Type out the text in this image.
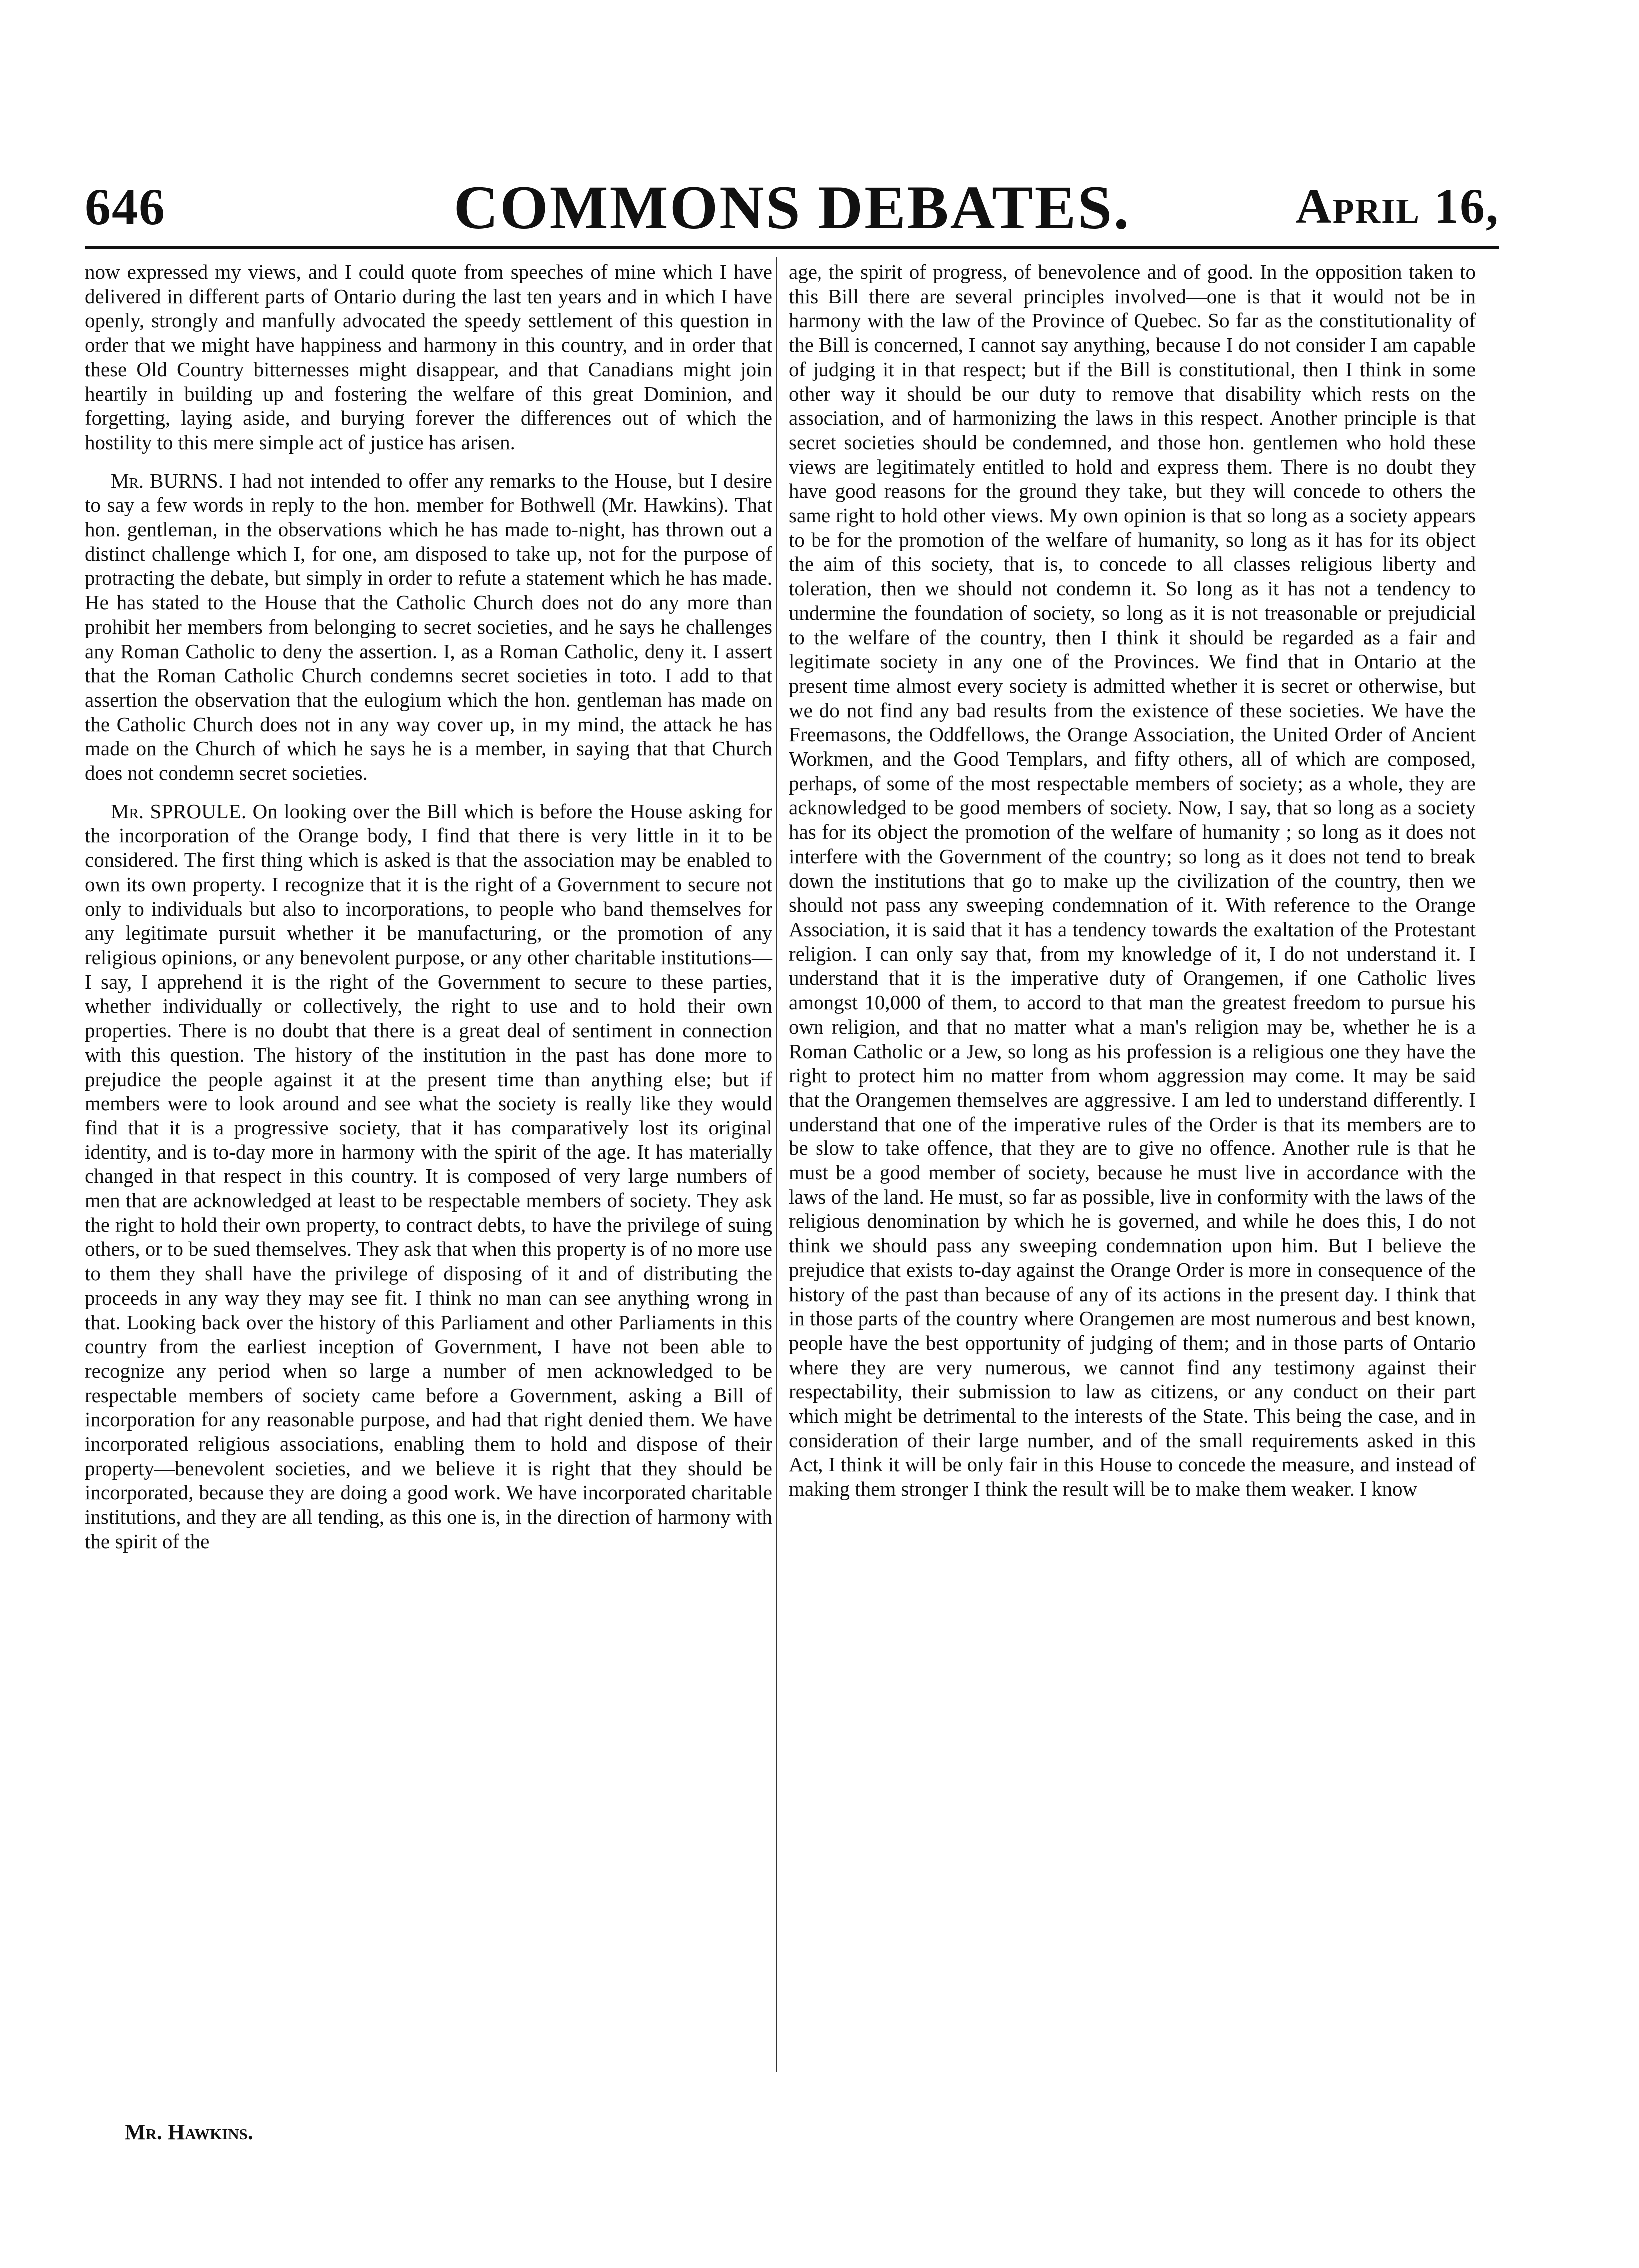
646	COMMONS DEBATES.	April 16,

now expressed my views, and I could quote from speeches of mine which I have delivered in different parts of Ontario during the last ten years and in which I have openly, strongly and manfully advocated the speedy settlement of this question in order that we might have happiness and harmony in this country, and in order that these Old Country bitternesses might disappear, and that Canadians might join heartily in building up and fostering the welfare of this great Dominion, and forgetting, laying aside, and burying forever the differences out of which the hostility to this mere simple act of justice has arisen.

Mr. BURNS. I had not intended to offer any remarks to the House, but I desire to say a few words in reply to the hon. member for Bothwell (Mr. Hawkins). That hon. gentleman, in the observations which he has made to-night, has thrown out a distinct challenge which I, for one, am disposed to take up, not for the purpose of protracting the debate, but simply in order to refute a statement which he has made. He has stated to the House that the Catholic Church does not do any more than prohibit her members from belonging to secret societies, and he says he challenges any Roman Catholic to deny the assertion. I, as a Roman Catholic, deny it. I assert that the Roman Catholic Church condemns secret societies in toto. I add to that assertion the observation that the eulogium which the hon. gentleman has made on the Catholic Church does not in any way cover up, in my mind, the attack he has made on the Church of which he says he is a member, in saying that that Church does not condemn secret societies.

Mr. SPROULE. On looking over the Bill which is before the House asking for the incorporation of the Orange body, I find that there is very little in it to be considered. The first thing which is asked is that the association may be enabled to own its own property. I recognize that it is the right of a Government to secure not only to individuals but also to incorporations, to people who band themselves for any legitimate pursuit whether it be manufacturing, or the promotion of any religious opinions, or any benevolent purpose, or any other charitable institutions—I say, I apprehend it is the right of the Government to secure to these parties, whether individually or collectively, the right to use and to hold their own properties. There is no doubt that there is a great deal of sentiment in connection with this question. The history of the institution in the past has done more to prejudice the people against it at the present time than anything else; but if members were to look around and see what the society is really like they would find that it is a progressive society, that it has comparatively lost its original identity, and is to-day more in harmony with the spirit of the age. It has materially changed in that respect in this country. It is composed of very large numbers of men that are acknowledged at least to be respectable members of society. They ask the right to hold their own property, to contract debts, to have the privilege of suing others, or to be sued themselves. They ask that when this property is of no more use to them they shall have the privilege of disposing of it and of distributing the proceeds in any way they may see fit. I think no man can see anything wrong in that. Looking back over the history of this Parliament and other Parliaments in this country from the earliest inception of Government, I have not been able to recognize any period when so large a number of men acknowledged to be respectable members of society came before a Government, asking a Bill of incorporation for any reasonable purpose, and had that right denied them. We have incorporated religious associations, enabling them to hold and dispose of their property—benevolent societies, and we believe it is right that they should be incorporated, because they are doing a good work. We have incorporated charitable institutions, and they are all tending, as this one is, in the direction of harmony with the spirit of the

age, the spirit of progress, of benevolence and of good. In the opposition taken to this Bill there are several principles involved—one is that it would not be in harmony with the law of the Province of Quebec. So far as the constitutionality of the Bill is concerned, I cannot say anything, because I do not consider I am capable of judging it in that respect; but if the Bill is constitutional, then I think in some other way it should be our duty to remove that disability which rests on the association, and of harmonizing the laws in this respect. Another principle is that secret societies should be condemned, and those hon. gentlemen who hold these views are legitimately entitled to hold and express them. There is no doubt they have good reasons for the ground they take, but they will concede to others the same right to hold other views. My own opinion is that so long as a society appears to be for the promotion of the welfare of humanity, so long as it has for its object the aim of this society, that is, to concede to all classes religious liberty and toleration, then we should not condemn it. So long as it has not a tendency to undermine the foundation of society, so long as it is not treasonable or prejudicial to the welfare of the country, then I think it should be regarded as a fair and legitimate society in any one of the Provinces. We find that in Ontario at the present time almost every society is admitted whether it is secret or otherwise, but we do not find any bad results from the existence of these societies. We have the Freemasons, the Oddfellows, the Orange Association, the United Order of Ancient Workmen, and the Good Templars, and fifty others, all of which are composed, perhaps, of some of the most respectable members of society; as a whole, they are acknowledged to be good members of society. Now, I say, that so long as a society has for its object the promotion of the welfare of humanity ; so long as it does not interfere with the Government of the country; so long as it does not tend to break down the institutions that go to make up the civilization of the country, then we should not pass any sweeping condemnation of it. With reference to the Orange Association, it is said that it has a tendency towards the exaltation of the Protestant religion. I can only say that, from my knowledge of it, I do not understand it. I understand that it is the imperative duty of Orangemen, if one Catholic lives amongst 10,000 of them, to accord to that man the greatest freedom to pursue his own religion, and that no matter what a man's religion may be, whether he is a Roman Catholic or a Jew, so long as his profession is a religious one they have the right to protect him no matter from whom aggression may come. It may be said that the Orangemen themselves are aggressive. I am led to understand differently. I understand that one of the imperative rules of the Order is that its members are to be slow to take offence, that they are to give no offence. Another rule is that he must be a good member of society, because he must live in accordance with the laws of the land. He must, so far as possible, live in conformity with the laws of the religious denomination by which he is governed, and while he does this, I do not think we should pass any sweeping condemnation upon him. But I believe the prejudice that exists to-day against the Orange Order is more in consequence of the history of the past than because of any of its actions in the present day. I think that in those parts of the country where Orangemen are most numerous and best known, people have the best opportunity of judging of them; and in those parts of Ontario where they are very numerous, we cannot find any testimony against their respectability, their submission to law as citizens, or any conduct on their part which might be detrimental to the interests of the State. This being the case, and in consideration of their large number, and of the small requirements asked in this Act, I think it will be only fair in this House to concede the measure, and instead of making them stronger I think the result will be to make them weaker. I know

Mr. Hawkins.
